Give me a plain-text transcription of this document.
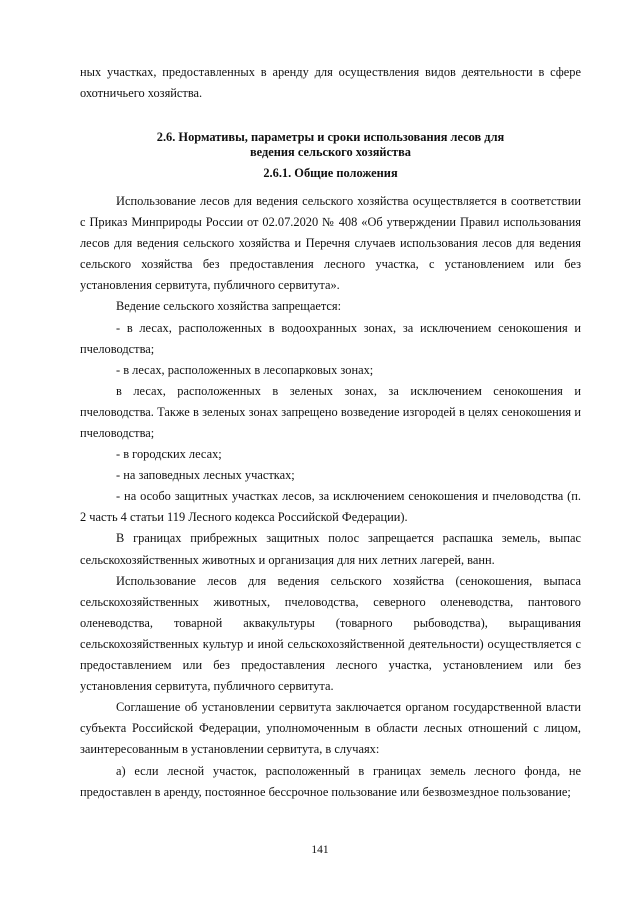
ных участках, предоставленных в аренду для осуществления видов деятельности в сфере охотничьего хозяйства.

2.6. Нормативы, параметры и сроки использования лесов для ведения сельского хозяйства
2.6.1. Общие положения

Использование лесов для ведения сельского хозяйства осуществляется в соответствии с Приказ Минприроды России от 02.07.2020 № 408 «Об утверждении Правил использования лесов для ведения сельского хозяйства и Перечня случаев использования лесов для ведения сельского хозяйства без предоставления лесного участка, с установлением или без установления сервитута, публичного сервитута».

Ведение сельского хозяйства запрещается:

- в лесах, расположенных в водоохранных зонах, за исключением сенокошения и пчеловодства;

- в лесах, расположенных в лесопарковых зонах;

в лесах, расположенных в зеленых зонах, за исключением сенокошения и пчеловодства. Также в зеленых зонах запрещено возведение изгородей в целях сенокошения и пчеловодства;

- в городских лесах;

- на заповедных лесных участках;

- на особо защитных участках лесов, за исключением сенокошения и пчеловодства (п. 2 часть 4 статьи 119 Лесного кодекса Российской Федерации).

В границах прибрежных защитных полос запрещается распашка земель, выпас сельскохозяйственных животных и организация для них летних лагерей, ванн.

Использование лесов для ведения сельского хозяйства (сенокошения, выпаса сельскохозяйственных животных, пчеловодства, северного оленеводства, пантового оленеводства, товарной аквакультуры (товарного рыбоводства), выращивания сельскохозяйственных культур и иной сельскохозяйственной деятельности) осуществляется с предоставлением или без предоставления лесного участка, установлением или без установления сервитута, публичного сервитута.

Соглашение об установлении сервитута заключается органом государственной власти субъекта Российской Федерации, уполномоченным в области лесных отношений с лицом, заинтересованным в установлении сервитута, в случаях:

а) если лесной участок, расположенный в границах земель лесного фонда, не предоставлен в аренду, постоянное бессрочное пользование или безвозмездное пользование;

141
